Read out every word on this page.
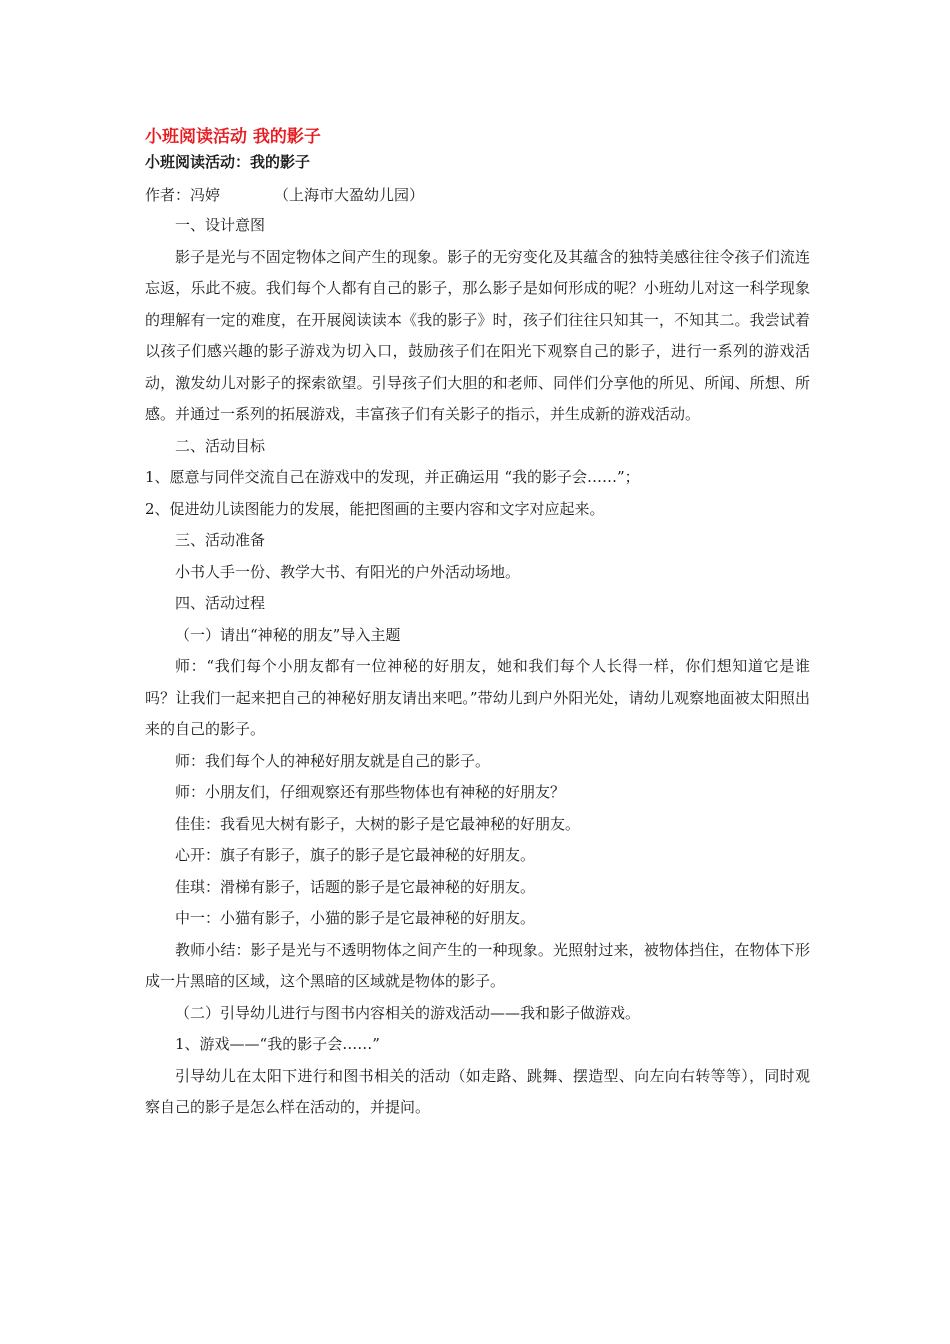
小班阅读活动 我的影子
小班阅读活动：我的影子
作者：冯婷	（上海市大盈幼儿园）

一、设计意图

影子是光与不固定物体之间产生的现象。影子的无穷变化及其蕴含的独特美感往往令孩子们流连忘返，乐此不疲。我们每个人都有自己的影子，那么影子是如何形成的呢？小班幼儿对这一科学现象的理解有一定的难度，在开展阅读读本《我的影子》时，孩子们往往只知其一，不知其二。我尝试着以孩子们感兴趣的影子游戏为切入口，鼓励孩子们在阳光下观察自己的影子，进行一系列的游戏活动，激发幼儿对影子的探索欲望。引导孩子们大胆的和老师、同伴们分享他的所见、所闻、所想、所感。并通过一系列的拓展游戏，丰富孩子们有关影子的指示，并生成新的游戏活动。

二、活动目标

1、愿意与同伴交流自己在游戏中的发现，并正确运用 “我的影子会……”；

2、促进幼儿读图能力的发展，能把图画的主要内容和文字对应起来。

三、活动准备

小书人手一份、教学大书、有阳光的户外活动场地。

四、活动过程

（一）请出“神秘的朋友”导入主题

师：“我们每个小朋友都有一位神秘的好朋友，她和我们每个人长得一样，你们想知道它是谁吗？让我们一起来把自己的神秘好朋友请出来吧。”带幼儿到户外阳光处，请幼儿观察地面被太阳照出来的自己的影子。

师：我们每个人的神秘好朋友就是自己的影子。

师：小朋友们，仔细观察还有那些物体也有神秘的好朋友？

佳佳：我看见大树有影子，大树的影子是它最神秘的好朋友。

心开：旗子有影子，旗子的影子是它最神秘的好朋友。

佳琪：滑梯有影子，话题的影子是它最神秘的好朋友。

中一：小猫有影子，小猫的影子是它最神秘的好朋友。

教师小结：影子是光与不透明物体之间产生的一种现象。光照射过来，被物体挡住，在物体下形成一片黑暗的区域，这个黑暗的区域就是物体的影子。

（二）引导幼儿进行与图书内容相关的游戏活动——我和影子做游戏。

1、游戏——“我的影子会……”

引导幼儿在太阳下进行和图书相关的活动（如走路、跳舞、摆造型、向左向右转等等），同时观察自己的影子是怎么样在活动的，并提问。
